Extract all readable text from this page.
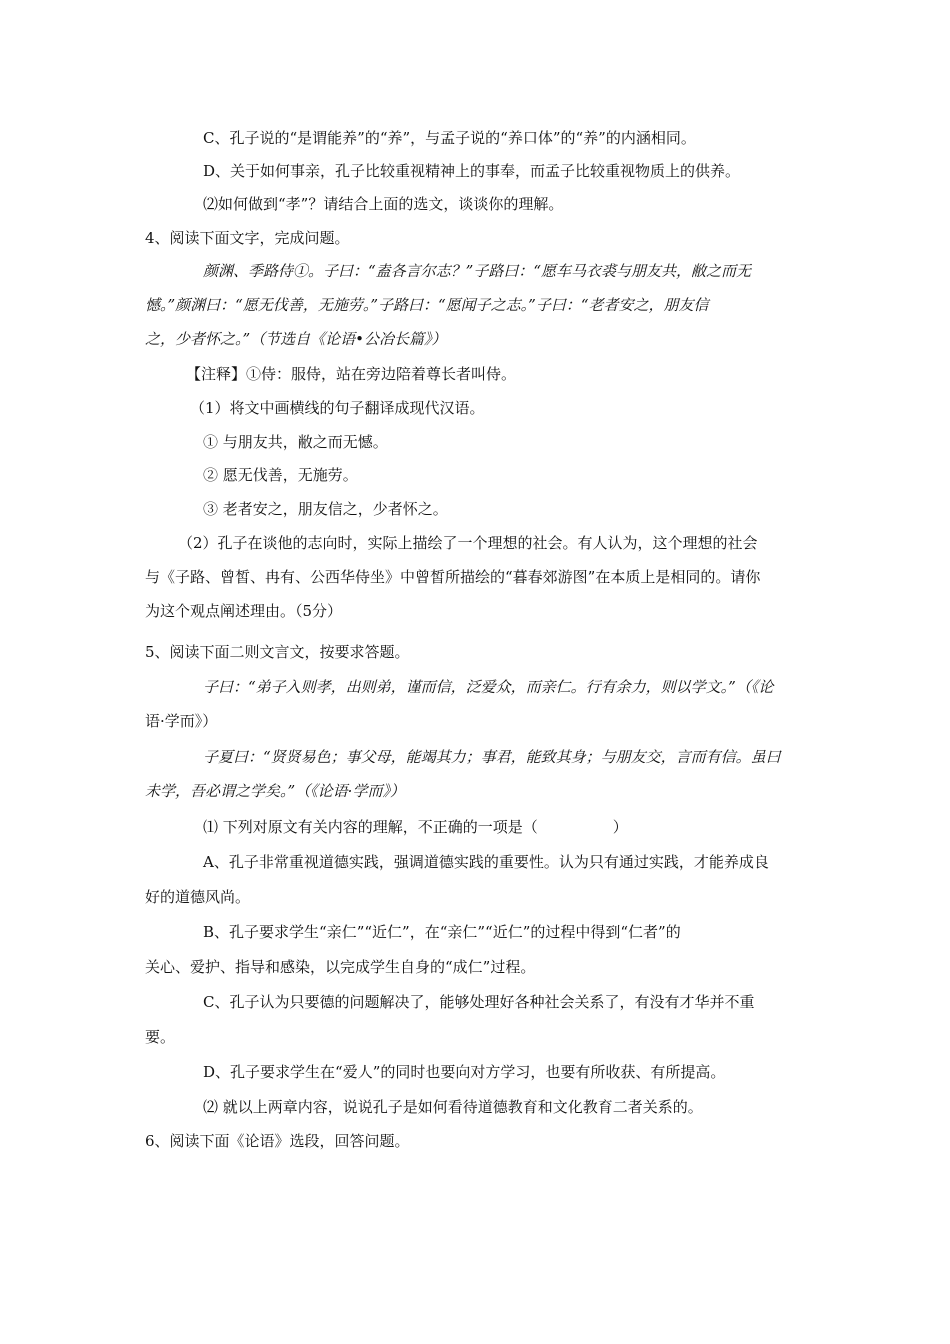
C、孔子说的“是谓能养”的“养”，与孟子说的“养口体”的“养”的内涵相同。
D、关于如何事亲，孔子比较重视精神上的事奉，而孟子比较重视物质上的供养。
⑵如何做到“孝”？请结合上面的选文，谈谈你的理解。
4、阅读下面文字，完成问题。
颜渊、季路侍①。子曰：“盍各言尔志？”子路曰：“愿车马衣裘与朋友共，敝之而无
憾。”颜渊曰：“愿无伐善，无施劳。”子路曰：“愿闻子之志。”子曰：“老者安之，朋友信
之，少者怀之。”（节选自《论语•公冶长篇》）
【注释】①侍：服侍，站在旁边陪着尊长者叫侍。
（1）将文中画横线的句子翻译成现代汉语。
① 与朋友共，敝之而无憾。
② 愿无伐善，无施劳。
③ 老者安之，朋友信之，少者怀之。
（2）孔子在谈他的志向时，实际上描绘了一个理想的社会。有人认为，这个理想的社会
与《子路、曾皙、冉有、公西华侍坐》中曾皙所描绘的“暮春郊游图”在本质上是相同的。请你
为这个观点阐述理由。（5分）
5、阅读下面二则文言文，按要求答题。
子曰：“弟子入则孝，出则弟，谨而信，泛爱众，而亲仁。行有余力，则以学文。”（《论
语·学而》）
子夏曰：“贤贤易色；事父母，能竭其力；事君，能致其身；与朋友交，言而有信。虽曰
未学，吾必谓之学矣。”（《论语·学而》）
⑴ 下列对原文有关内容的理解，不正确的一项是（　　　　　）
A、孔子非常重视道德实践，强调道德实践的重要性。认为只有通过实践，才能养成良
好的道德风尚。
B、孔子要求学生“亲仁”“近仁”，在“亲仁”“近仁”的过程中得到“仁者”的
关心、爱护、指导和感染，以完成学生自身的“成仁”过程。
C、孔子认为只要德的问题解决了，能够处理好各种社会关系了，有没有才华并不重
要。
D、孔子要求学生在“爱人”的同时也要向对方学习，也要有所收获、有所提高。
⑵ 就以上两章内容，说说孔子是如何看待道德教育和文化教育二者关系的。
6、阅读下面《论语》选段，回答问题。
